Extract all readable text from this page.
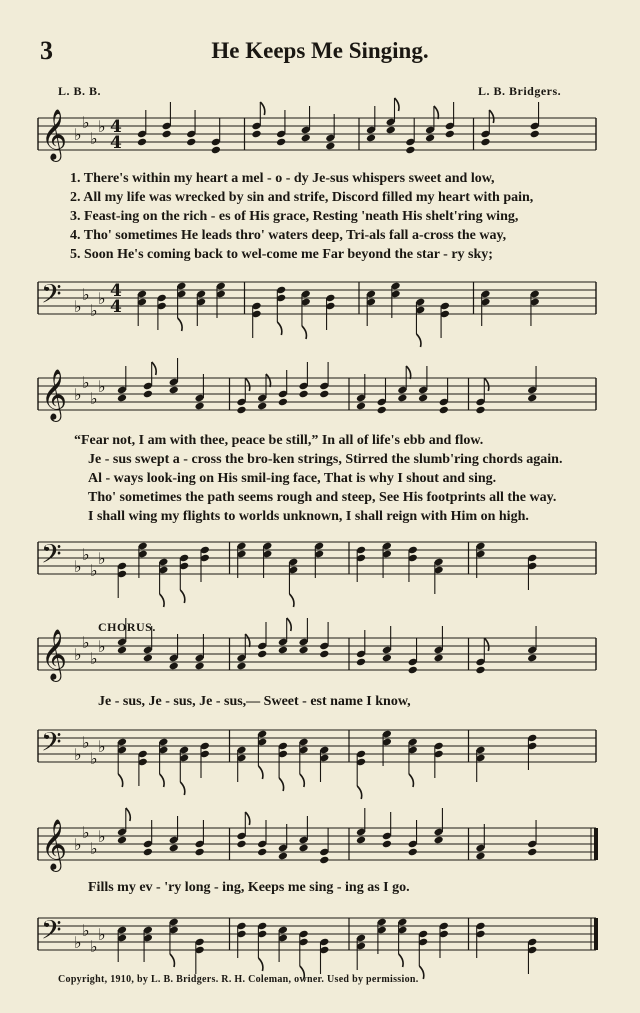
3	He Keeps Me Singing.
L. B. B.	L. B. Bridgers.
𝄞 ♭
♭
♭
♭ 4
4
𝄢 ♭
♭
♭
♭ 4
4
1. There's within my heart a mel - o - dy Je-sus whispers sweet and low,
2. All my life was wrecked by sin and strife, Discord filled my heart with pain,
3. Feast-ing on the rich - es of His grace, Resting 'neath His shelt'ring wing,
4. Tho' sometimes He leads thro' waters deep, Tri-als fall a-cross the way,
5. Soon He's coming back to wel-come me Far beyond the star - ry sky;
𝄞 ♭
♭
♭
♭
𝄢 ♭
♭
♭
♭
“Fear not, I am with thee, peace be still,” In all of life's ebb and flow.
Je - sus swept a - cross the bro-ken strings, Stirred the slumb'ring chords again.
Al - ways look-ing on His smil-ing face, That is why I shout and sing.
Tho' sometimes the path seems rough and steep, See His footprints all the way.
I shall wing my flights to worlds unknown, I shall reign with Him on high.
CHORUS.
𝄞 ♭
♭
♭
♭
𝄢 ♭
♭
♭
♭
Je - sus, Je - sus, Je - sus,— Sweet - est name I know,
𝄞 ♭
♭
♭
♭
𝄢 ♭
♭
♭
♭
Fills my ev - 'ry long - ing, Keeps me sing - ing as I go.
Copyright, 1910, by L. B. Bridgers. R. H. Coleman, owner. Used by permission.
